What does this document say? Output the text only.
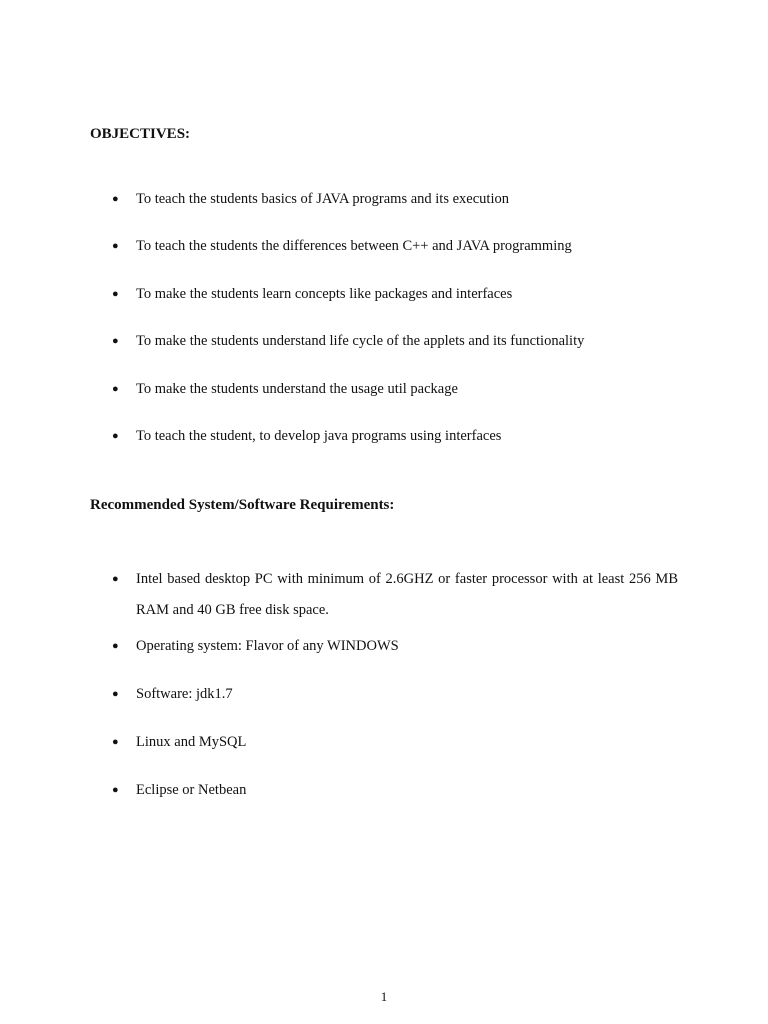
OBJECTIVES:
● To teach the students basics of JAVA programs and its execution
● To teach the students the differences between C++ and JAVA programming
● To make the students learn concepts like packages and interfaces
● To make the students understand life cycle of the applets and its functionality
● To make the students understand the usage util package
● To teach the student, to develop java programs using interfaces
Recommended System/Software Requirements:
● Intel based desktop PC with minimum of 2.6GHZ or faster processor with at least 256 MB RAM and 40 GB free disk space.
● Operating system: Flavor of any WINDOWS
● Software: jdk1.7
● Linux and MySQL
● Eclipse or Netbean
1
